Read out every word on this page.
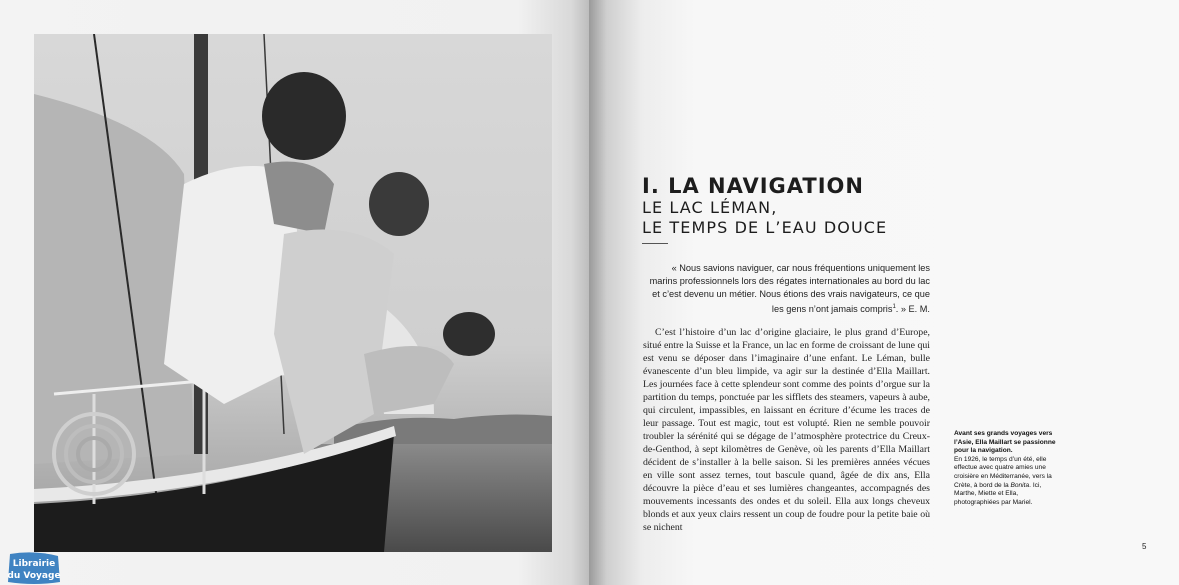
I. LA NAVIGATION

LE LAC LÉMAN,

LE TEMPS DE L’EAU DOUCE

« Nous savions naviguer, car nous fréquentions uniquement les marins professionnels lors des régates internationales au bord du lac et c’est devenu un métier. Nous étions des vrais navigateurs, ce que les gens n’ont jamais compris$^1$. » E. M.

C’est l’histoire d’un lac d’origine glaciaire, le plus grand d’Europe, situé entre la Suisse et la France, un lac en forme de croissant de lune qui est venu se déposer dans l’imaginaire d’une enfant. Le Léman, bulle évanescente d’un bleu limpide, va agir sur la destinée d’Ella Maillart. Les journées face à cette splendeur sont comme des points d’orgue sur la partition du temps, ponctuée par les sifflets des steamers, vapeurs à aube, qui circulent, impassibles, en laissant en écriture d’écume les traces de leur passage. Tout est magic, tout est volupté. Rien ne semble pouvoir troubler la sérénité qui se dégage de l’atmosphère protectrice du Creux-de-Genthod, à sept kilomètres de Genève, où les parents d’Ella Maillart décident de s’installer à la belle saison. Si les premières années vécues en ville sont assez ternes, tout bascule quand, âgée de dix ans, Ella découvre la pièce d’eau et ses lumières changeantes, accompagnés des mouvements incessants des ondes et du soleil. Ella aux longs cheveux blonds et aux yeux clairs ressent un coup de foudre pour la petite baie où se nichent

Avant ses grands voyages vers l’Asie, Ella Maillart se passionne pour la navigation.

En 1926, le temps d’un été, elle effectue avec quatre amies une croisière en Méditerranée, vers la Crète, à bord de la Bonita. Ici, Marthe, Miette et Ella, photographiées par Mariel.

5
Librairie
du Voyage
